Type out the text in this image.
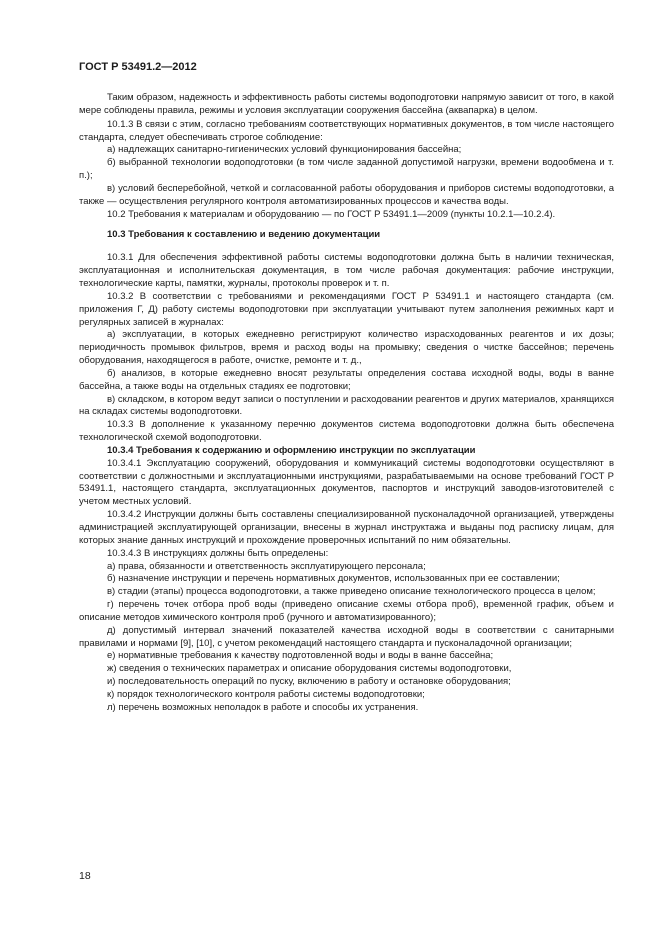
ГОСТ Р 53491.2—2012

Таким образом, надежность и эффективность работы системы водоподготовки напрямую зависит от того, в какой мере соблюдены правила, режимы и условия эксплуатации сооружения бассейна (аквапарка) в целом.

10.1.3 В связи с этим, согласно требованиям соответствующих нормативных документов, в том числе настоящего стандарта, следует обеспечивать строгое соблюдение:

а) надлежащих санитарно-гигиенических условий функционирования бассейна;

б) выбранной технологии водоподготовки (в том числе заданной допустимой нагрузки, времени водообмена и т. п.);

в) условий бесперебойной, четкой и согласованной работы оборудования и приборов системы водоподготовки, а также — осуществления регулярного контроля автоматизированных процессов и качества воды.

10.2 Требования к материалам и оборудованию — по ГОСТ Р 53491.1—2009 (пункты 10.2.1—10.2.4).

10.3 Требования к составлению и ведению документации

10.3.1 Для обеспечения эффективной работы системы водоподготовки должна быть в наличии техническая, эксплуатационная и исполнительская документация, в том числе рабочая документация: рабочие инструкции, технологические карты, памятки, журналы, протоколы проверок и т. п.

10.3.2 В соответствии с требованиями и рекомендациями ГОСТ Р 53491.1 и настоящего стандарта (см. приложения Г, Д) работу системы водоподготовки при эксплуатации учитывают путем заполнения режимных карт и регулярных записей в журналах:

а) эксплуатации, в которых ежедневно регистрируют количество израсходованных реагентов и их дозы; периодичность промывок фильтров, время и расход воды на промывку; сведения о чистке бассейнов; перечень оборудования, находящегося в работе, очистке, ремонте и т. д.,

б) анализов, в которые ежедневно вносят результаты определения состава исходной воды, воды в ванне бассейна, а также воды на отдельных стадиях ее подготовки;

в) складском, в котором ведут записи о поступлении и расходовании реагентов и других материалов, хранящихся на складах системы водоподготовки.

10.3.3 В дополнение к указанному перечню документов система водоподготовки должна быть обеспечена технологической схемой водоподготовки.

10.3.4 Требования к содержанию и оформлению инструкции по эксплуатации

10.3.4.1 Эксплуатацию сооружений, оборудования и коммуникаций системы водоподготовки осуществляют в соответствии с должностными и эксплуатационными инструкциями, разрабатываемыми на основе требований ГОСТ Р 53491.1, настоящего стандарта, эксплуатационных документов, паспортов и инструкций заводов-изготовителей с учетом местных условий.

10.3.4.2 Инструкции должны быть составлены специализированной пусконаладочной организацией, утверждены администрацией эксплуатирующей организации, внесены в журнал инструктажа и выданы под расписку лицам, для которых знание данных инструкций и прохождение проверочных испытаний по ним обязательны.

10.3.4.3 В инструкциях должны быть определены:

а) права, обязанности и ответственность эксплуатирующего персонала;

б) назначение инструкции и перечень нормативных документов, использованных при ее составлении;

в) стадии (этапы) процесса водоподготовки, а также приведено описание технологического процесса в целом;

г) перечень точек отбора проб воды (приведено описание схемы отбора проб), временной график, объем и описание методов химического контроля проб (ручного и автоматизированного);

д) допустимый интервал значений показателей качества исходной воды в соответствии с санитарными правилами и нормами [9], [10], с учетом рекомендаций настоящего стандарта и пусконаладочной организации;

е) нормативные требования к качеству подготовленной воды и воды в ванне бассейна;

ж) сведения о технических параметрах и описание оборудования системы водоподготовки,

и) последовательность операций по пуску, включению в работу и остановке оборудования;

к) порядок технологического контроля работы системы водоподготовки;

л) перечень возможных неполадок в работе и способы их устранения.

18
